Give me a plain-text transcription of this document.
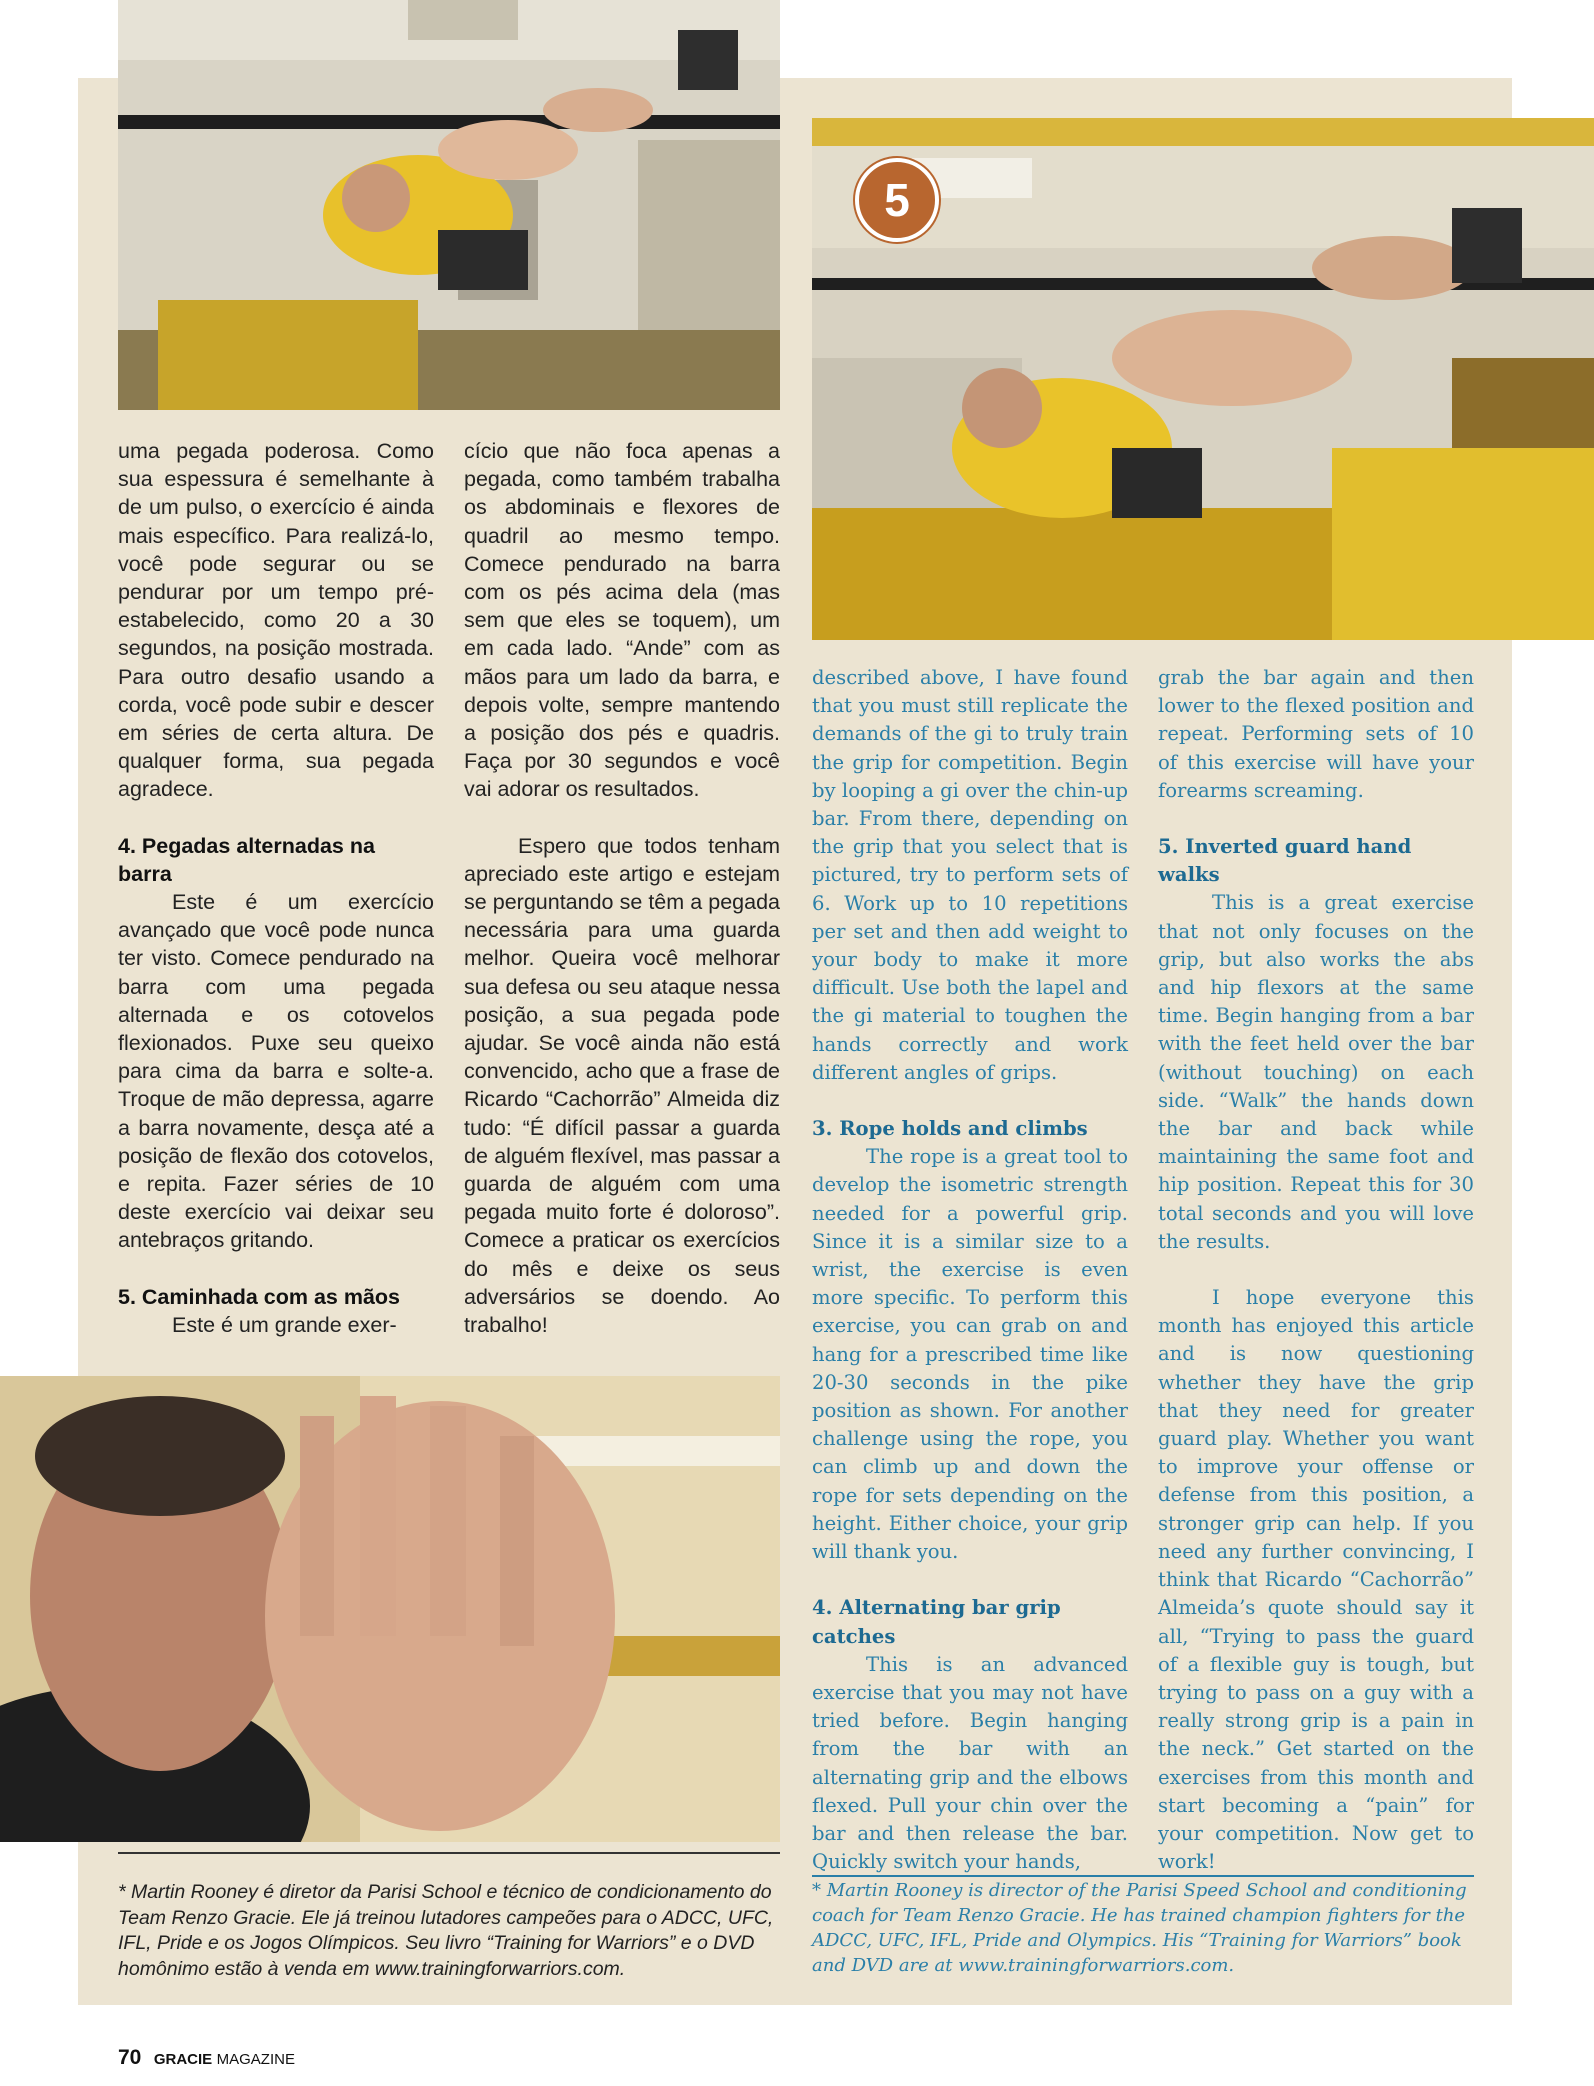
5

uma pegada poderosa. Como sua espessura é semelhante à de um pulso, o exercício é ainda mais específico. Para realizá-lo, você pode segurar ou se pendurar por um tempo pré-estabelecido, como 20 a 30 segundos, na posição mostrada. Para outro desafio usando a corda, você pode subir e descer em séries de certa altura. De qualquer forma, sua pegada agradece.

4. Pegadas alternadas na barra

Este é um exercício avançado que você pode nunca ter visto. Comece pendurado na barra com uma pegada alternada e os cotovelos flexionados. Puxe seu queixo para cima da barra e solte-a. Troque de mão depressa, agarre a barra novamente, desça até a posição de flexão dos cotovelos, e repita. Fazer séries de 10 deste exercício vai deixar seu antebraços gritando.

5. Caminhada com as mãos

Este é um grande exer-

cício que não foca apenas a pegada, como também trabalha os abdominais e flexores de quadril ao mesmo tempo. Comece pendurado na barra com os pés acima dela (mas sem que eles se toquem), um em cada lado. “Ande” com as mãos para um lado da barra, e depois volte, sempre mantendo a posição dos pés e quadris. Faça por 30 segundos e você vai adorar os resultados.

Espero que todos tenham apreciado este artigo e estejam se perguntando se têm a pegada necessária para uma guarda melhor. Queira você melhorar sua defesa ou seu ataque nessa posição, a sua pegada pode ajudar. Se você ainda não está convencido, acho que a frase de Ricardo “Cachorrão” Almeida diz tudo: “É difícil passar a guarda de alguém flexível, mas passar a guarda de alguém com uma pegada muito forte é doloroso”. Comece a praticar os exercícios do mês e deixe os seus adversários se doendo. Ao trabalho!

described above, I have found that you must still replicate the demands of the gi to truly train the grip for competition. Begin by looping a gi over the chin-up bar. From there, depending on the grip that you select that is pictured, try to perform sets of 6. Work up to 10 repetitions per set and then add weight to your body to make it more difficult. Use both the lapel and the gi material to toughen the hands correctly and work different angles of grips.

3. Rope holds and climbs

The rope is a great tool to develop the isometric strength needed for a powerful grip. Since it is a similar size to a wrist, the exercise is even more specific. To perform this exercise, you can grab on and hang for a prescribed time like 20-30 seconds in the pike position as shown. For another challenge using the rope, you can climb up and down the rope for sets depending on the height. Either choice, your grip will thank you.

4. Alternating bar grip catches

This is an advanced exercise that you may not have tried before. Begin hanging from the bar with an alternating grip and the elbows flexed. Pull your chin over the bar and then release the bar. Quickly switch your hands,

grab the bar again and then lower to the flexed position and repeat. Performing sets of 10 of this exercise will have your forearms screaming.

5. Inverted guard hand walks

This is a great exercise that not only focuses on the grip, but also works the abs and hip flexors at the same time. Begin hanging from a bar with the feet held over the bar (without touching) on each side. “Walk” the hands down the bar and back while maintaining the same foot and hip position. Repeat this for 30 total seconds and you will love the results.

I hope everyone this month has enjoyed this article and is now questioning whether they have the grip that they need for greater guard play. Whether you want to improve your offense or defense from this position, a stronger grip can help. If you need any further convincing, I think that Ricardo “Cachorrão” Almeida’s quote should say it all, “Trying to pass the guard of a flexible guy is tough, but trying to pass on a guy with a really strong grip is a pain in the neck.” Get started on the exercises from this month and start becoming a “pain” for your competition. Now get to work!

* Martin Rooney é diretor da Parisi School e técnico de condicionamento do Team Renzo Gracie. Ele já treinou lutadores campeões para o ADCC, UFC, IFL, Pride e os Jogos Olímpicos. Seu livro “Training for Warriors” e o DVD homônimo estão à venda em www.trainingforwarriors.com.

* Martin Rooney is director of the Parisi Speed School and conditioning coach for Team Renzo Gracie. He has trained champion fighters for the ADCC, UFC, IFL, Pride and Olympics. His “Training for Warriors” book and DVD are at www.trainingforwarriors.com.

70 GRACIE MAGAZINE
